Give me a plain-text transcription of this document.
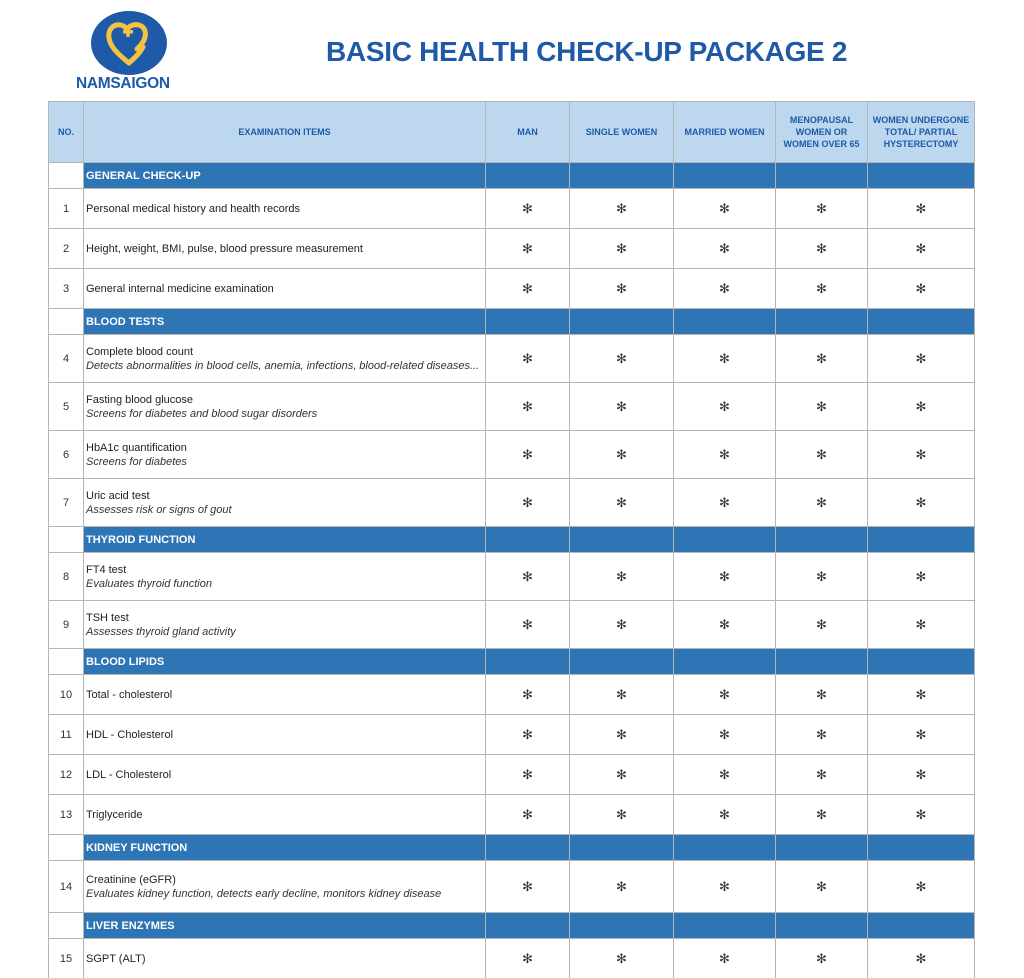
NAMSAIGON
BASIC HEALTH CHECK-UP PACKAGE 2
NO.	EXAMINATION ITEMS	MAN	SINGLE WOMEN	MARRIED WOMEN	MENOPAUSAL WOMEN OR WOMEN OVER 65	WOMEN UNDERGONE TOTAL/ PARTIAL HYSTERECTOMY
	GENERAL CHECK-UP					
1	Personal medical history and health records	✻	✻	✻	✻	✻
2	Height, weight, BMI, pulse, blood pressure measurement	✻	✻	✻	✻	✻
3	General internal medicine examination	✻	✻	✻	✻	✻
	BLOOD TESTS					
4	Complete blood count
Detects abnormalities in blood cells, anemia, infections, blood-related diseases...	✻	✻	✻	✻	✻
5	Fasting blood glucose
Screens for diabetes and blood sugar disorders	✻	✻	✻	✻	✻
6	HbA1c quantification
Screens for diabetes	✻	✻	✻	✻	✻
7	Uric acid test
Assesses risk or signs of gout	✻	✻	✻	✻	✻
	THYROID FUNCTION					
8	FT4 test
Evaluates thyroid function	✻	✻	✻	✻	✻
9	TSH test
Assesses thyroid gland activity	✻	✻	✻	✻	✻
	BLOOD LIPIDS					
10	Total - cholesterol	✻	✻	✻	✻	✻
11	HDL - Cholesterol	✻	✻	✻	✻	✻
12	LDL - Cholesterol	✻	✻	✻	✻	✻
13	Triglyceride	✻	✻	✻	✻	✻
	KIDNEY FUNCTION					
14	Creatinine (eGFR)
Evaluates kidney function, detects early decline, monitors kidney disease	✻	✻	✻	✻	✻
	LIVER ENZYMES					
15	SGPT (ALT)	✻	✻	✻	✻	✻
